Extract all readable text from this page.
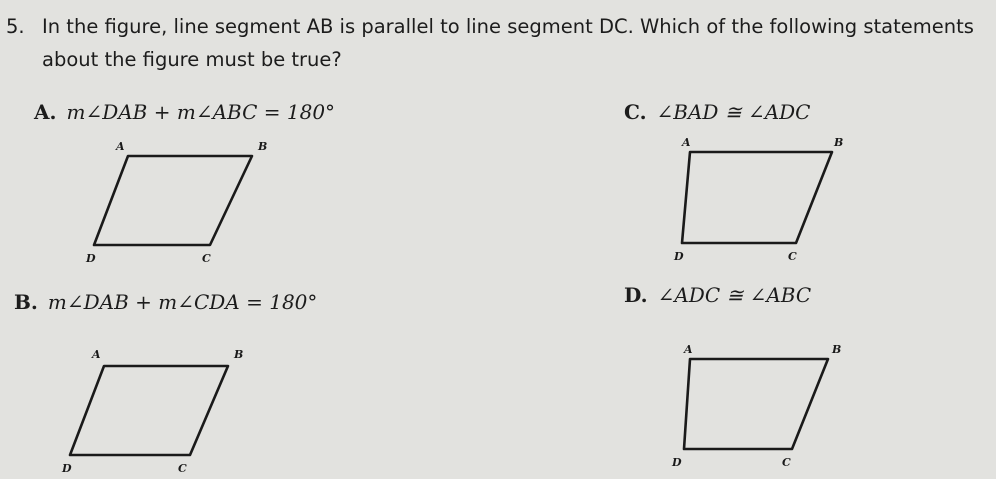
5. In the figure, line segment AB is parallel to line segment DC. Which of the following statements about the figure must be true?
A. m∠DAB + m∠ABC = 180°
A	B
C
D
C. ∠BAD ≅ ∠ADC
A	B
C
D
B. m∠DAB + m∠CDA = 180°
A	B
C
D
D. ∠ADC ≅ ∠ABC
A	B
C
D
